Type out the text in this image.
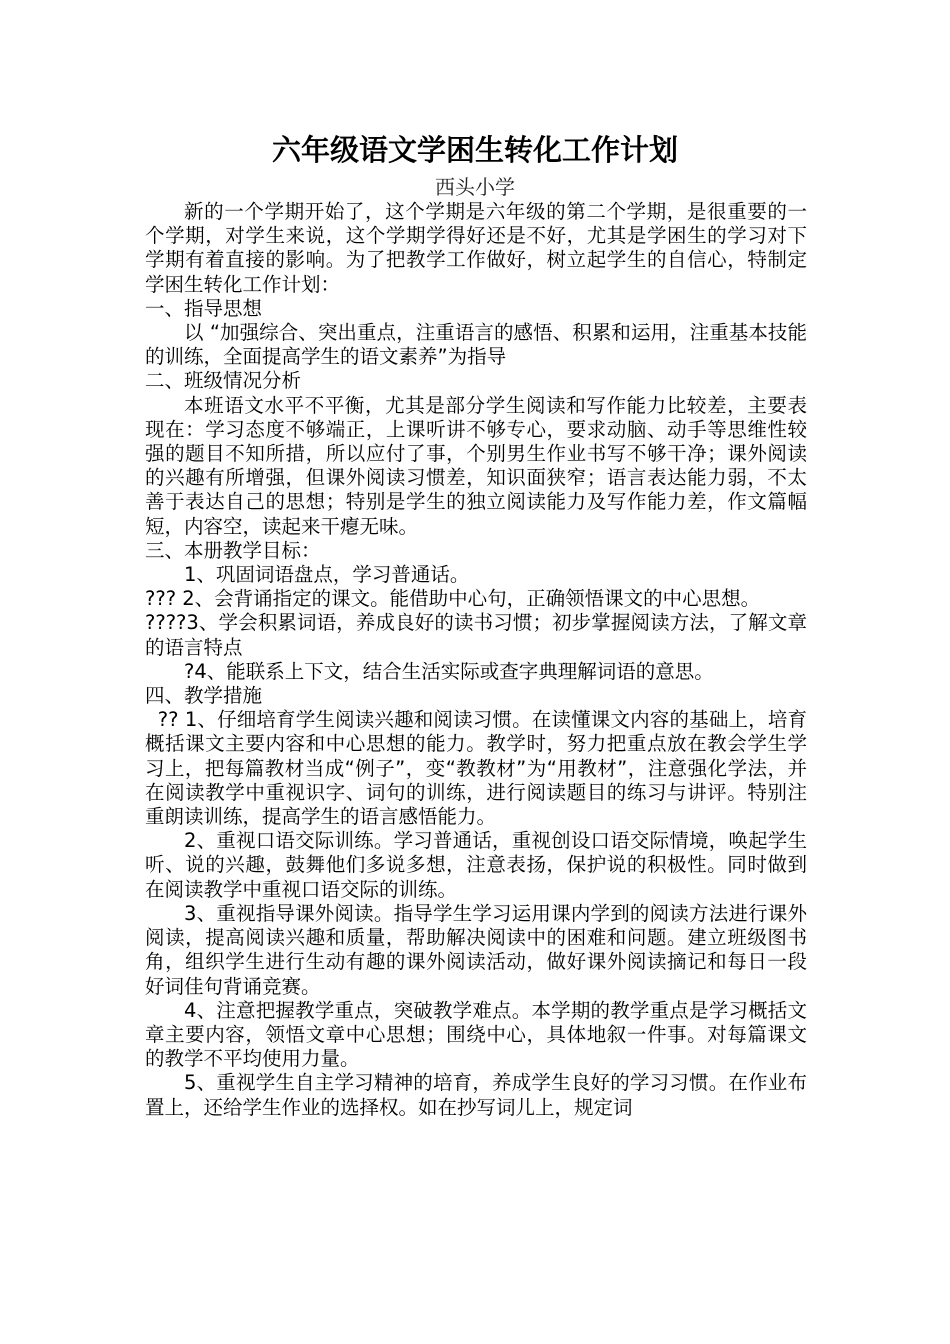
六年级语文学困生转化工作计划
西头小学

新的一个学期开始了，这个学期是六年级的第二个学期，是很重要的一个学期，对学生来说，这个学期学得好还是不好，尤其是学困生的学习对下学期有着直接的影响。为了把教学工作做好，树立起学生的自信心，特制定学困生转化工作计划：

一、指导思想

以 “加强综合、突出重点，注重语言的感悟、积累和运用，注重基本技能的训练，全面提高学生的语文素养”为指导

二、班级情况分析

本班语文水平不平衡，尤其是部分学生阅读和写作能力比较差，主要表现在：学习态度不够端正，上课听讲不够专心，要求动脑、动手等思维性较强的题目不知所措，所以应付了事，个别男生作业书写不够干净；课外阅读的兴趣有所增强，但课外阅读习惯差，知识面狭窄；语言表达能力弱，不太善于表达自己的思想；特别是学生的独立阅读能力及写作能力差，作文篇幅短，内容空，读起来干瘪无味。

三、本册教学目标：

1、巩固词语盘点，学习普通话。

??? 2、会背诵指定的课文。能借助中心句，正确领悟课文的中心思想。

????3、学会积累词语，养成良好的读书习惯；初步掌握阅读方法，了解文章的语言特点

?4、能联系上下文，结合生活实际或查字典理解词语的意思。

四、教学措施

?? 1、仔细培育学生阅读兴趣和阅读习惯。在读懂课文内容的基础上，培育概括课文主要内容和中心思想的能力。教学时，努力把重点放在教会学生学习上，把每篇教材当成“例子”，变“教教材”为“用教材”，注意强化学法，并在阅读教学中重视识字、词句的训练，进行阅读题目的练习与讲评。特别注重朗读训练，提高学生的语言感悟能力。

2、重视口语交际训练。学习普通话，重视创设口语交际情境，唤起学生听、说的兴趣，鼓舞他们多说多想，注意表扬，保护说的积极性。同时做到在阅读教学中重视口语交际的训练。

3、重视指导课外阅读。指导学生学习运用课内学到的阅读方法进行课外阅读，提高阅读兴趣和质量，帮助解决阅读中的困难和问题。建立班级图书角，组织学生进行生动有趣的课外阅读活动，做好课外阅读摘记和每日一段好词佳句背诵竞赛。

4、注意把握教学重点，突破教学难点。本学期的教学重点是学习概括文章主要内容，领悟文章中心思想；围绕中心，具体地叙一件事。对每篇课文的教学不平均使用力量。

5、重视学生自主学习精神的培育，养成学生良好的学习习惯。在作业布置上，还给学生作业的选择权。如在抄写词儿上，规定词
